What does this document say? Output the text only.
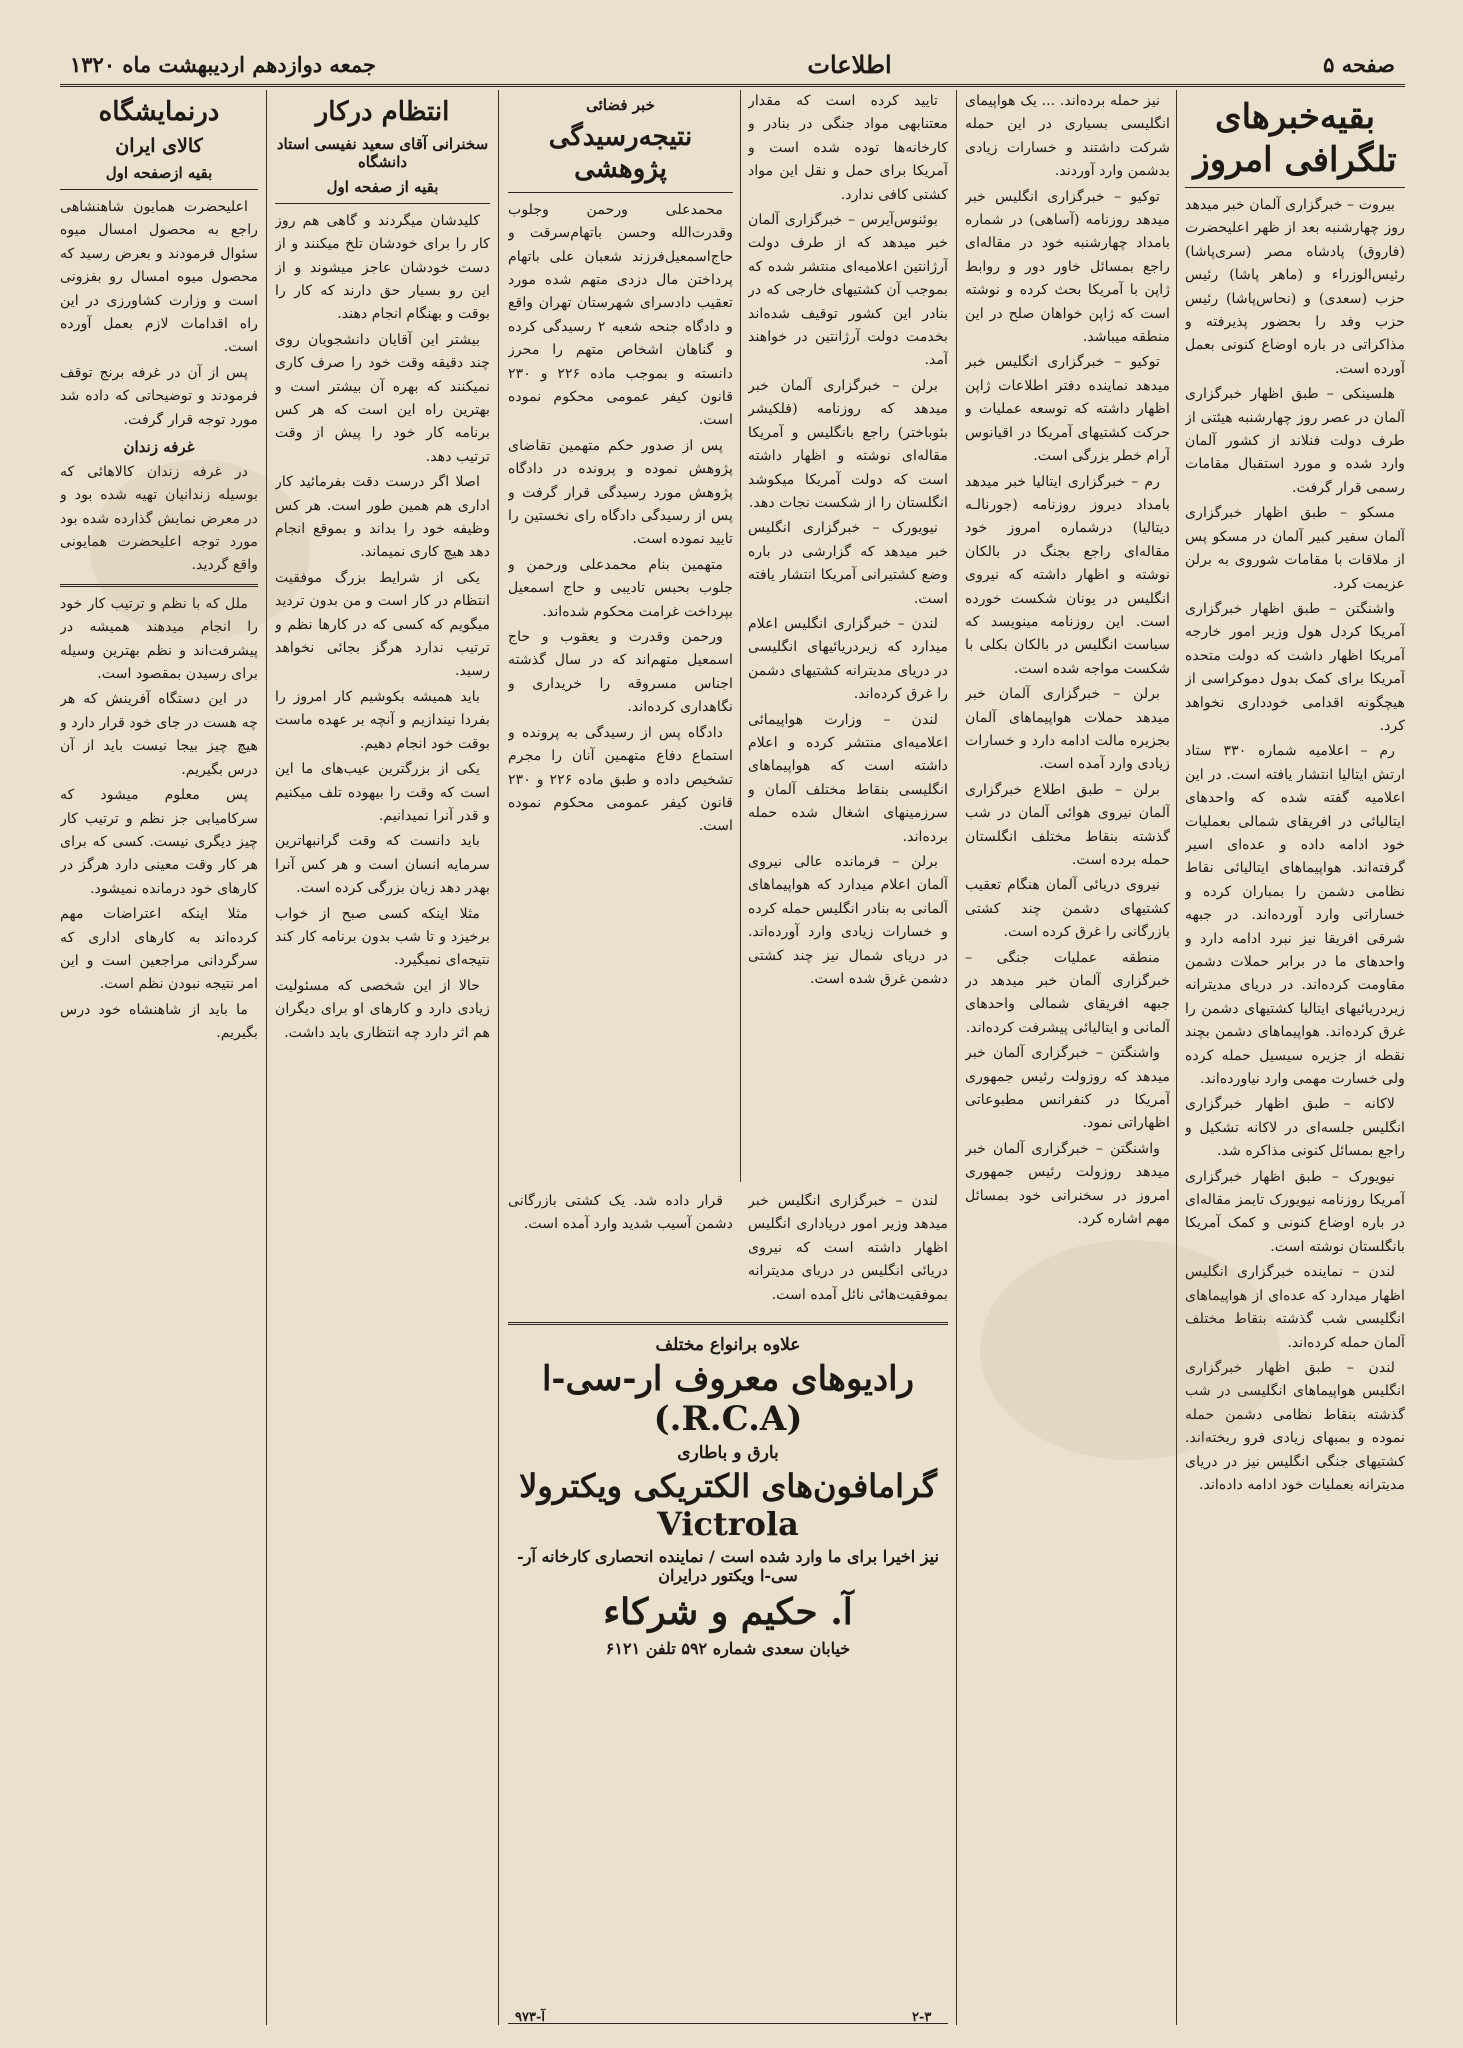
جمعه دوازدهم اردیبهشت ماه ۱۳۲۰	اطلاعات	صفحه ۵
بقیه‌خبرهای تلگرافی امروز

بیروت – خبرگزاری آلمان خبر میدهد روز چهارشنبه بعد از ظهر اعلیحضرت (فاروق) پادشاه مصر (سری‌پاشا) رئیس‌الوزراء و (ماهر پاشا) رئیس حزب (سعدی) و (نحاس‌پاشا) رئیس حزب وفد را بحضور پذیرفته و مذاکراتی در باره اوضاع کنونی بعمل آورده است.

هلسینکی – طبق اظهار خبرگزاری آلمان در عصر روز چهارشنبه هیئتی از طرف دولت فنلاند از کشور آلمان وارد شده و مورد استقبال مقامات رسمی قرار گرفت.

مسکو – طبق اظهار خبرگزاری آلمان سفیر کبیر آلمان در مسکو پس از ملاقات با مقامات شوروی به برلن عزیمت کرد.

واشنگتن – طبق اظهار خبرگزاری آمریکا کردل هول وزیر امور خارجه آمریکا اظهار داشت که دولت متحده آمریکا برای کمک بدول دموکراسی از هیچگونه اقدامی خودداری نخواهد کرد.

رم – اعلامیه شماره ۳۳۰ ستاد ارتش ایتالیا انتشار یافته است. در این اعلامیه گفته شده که واحدهای ایتالیائی در افریقای شمالی بعملیات خود ادامه داده و عده‌ای اسیر گرفته‌اند. هواپیماهای ایتالیائی نقاط نظامی دشمن را بمباران کرده و خساراتی وارد آورده‌اند. در جبهه شرقی افریقا نیز نبرد ادامه دارد و واحدهای ما در برابر حملات دشمن مقاومت کرده‌اند. در دریای مدیترانه زیردریائیهای ایتالیا کشتیهای دشمن را غرق کرده‌اند. هواپیماهای دشمن بچند نقطه از جزیره سیسیل حمله کرده ولی خسارت مهمی وارد نیاورده‌اند.

لاکانه – طبق اظهار خبرگزاری انگلیس جلسه‌ای در لاکانه تشکیل و راجع بمسائل کنونی مذاکره شد.

نیویورک – طبق اظهار خبرگزاری آمریکا روزنامه نیویورک تایمز مقاله‌ای در باره اوضاع کنونی و کمک آمریکا بانگلستان نوشته است.

لندن – نماینده خبرگزاری انگلیس اظهار میدارد که عده‌ای از هواپیماهای انگلیسی شب گذشته بنقاط مختلف آلمان حمله کرده‌اند.

لندن – طبق اظهار خبرگزاری انگلیس هواپیماهای انگلیسی در شب گذشته بنقاط نظامی دشمن حمله نموده و بمبهای زیادی فرو ریخته‌اند. کشتیهای جنگی انگلیس نیز در دریای مدیترانه بعملیات خود ادامه داده‌اند.

نیز حمله برده‌اند. ... یک هواپیمای انگلیسی بسیاری در این حمله شرکت داشتند و خسارات زیادی بدشمن وارد آوردند.

توکیو – خبرگزاری انگلیس خبر میدهد روزنامه (آساهی) در شماره بامداد چهارشنبه خود در مقاله‌ای راجع بمسائل خاور دور و روابط ژاپن با آمریکا بحث کرده و نوشته است که ژاپن خواهان صلح در این منطقه میباشد.

توکیو – خبرگزاری انگلیس خبر میدهد نماینده دفتر اطلاعات ژاپن اظهار داشته که توسعه عملیات و حرکت کشتیهای آمریکا در اقیانوس آرام خطر بزرگی است.

رم – خبرگزاری ایتالیا خبر میدهد بامداد دیروز روزنامه (جورنالـه دیتالیا) درشماره امروز خود مقاله‌ای راجع بجنگ در بالکان نوشته و اظهار داشته که نیروی انگلیس در یونان شکست خورده است. این روزنامه مینویسد که سیاست انگلیس در بالکان بکلی با شکست مواجه شده است.

برلن – خبرگزاری آلمان خبر میدهد حملات هواپیماهای آلمان بجزیره مالت ادامه دارد و خسارات زیادی وارد آمده است.

برلن – طبق اطلاع خبرگزاری آلمان نیروی هوائی آلمان در شب گذشته بنقاط مختلف انگلستان حمله برده است.

نیروی دریائی آلمان هنگام تعقیب کشتیهای دشمن چند کشتی بازرگانی را غرق کرده است.

منطقه عملیات جنگی – خبرگزاری آلمان خبر میدهد در جبهه افریقای شمالی واحدهای آلمانی و ایتالیائی پیشرفت کرده‌اند.

واشنگتن – خبرگزاری آلمان خبر میدهد که روزولت رئیس جمهوری آمریکا در کنفرانس مطبوعاتی اظهاراتی نمود.

واشنگتن – خبرگزاری آلمان خبر میدهد روزولت رئیس جمهوری امروز در سخنرانی خود بمسائل مهم اشاره کرد.

تایید کرده است که مقدار معتنابهی مواد جنگی در بنادر و کارخانه‌ها توده شده است و آمریکا برای حمل و نقل این مواد کشتی کافی ندارد.

بوئنوس‌آیرس – خبرگزاری آلمان خبر میدهد که از طرف دولت آرژانتین اعلامیه‌ای منتشر شده که بموجب آن کشتیهای خارجی که در بنادر این کشور توقیف شده‌اند بخدمت دولت آرژانتین در خواهند آمد.

برلن – خبرگزاری آلمان خبر میدهد که روزنامه (فلکیشر بئوباختر) راجع بانگلیس و آمریکا مقاله‌ای نوشته و اظهار داشته است که دولت آمریکا میکوشد انگلستان را از شکست نجات دهد.

نیویورک – خبرگزاری انگلیس خبر میدهد که گزارشی در باره وضع کشتیرانی آمریکا انتشار یافته است.

لندن – خبرگزاری انگلیس اعلام میدارد که زیردریائیهای انگلیسی در دریای مدیترانه کشتیهای دشمن را غرق کرده‌اند.

لندن – وزارت هواپیمائی اعلامیه‌ای منتشر کرده و اعلام داشته است که هواپیماهای انگلیسی بنقاط مختلف آلمان و سرزمینهای اشغال شده حمله برده‌اند.

برلن – فرمانده عالی نیروی آلمان اعلام میدارد که هواپیماهای آلمانی به بنادر انگلیس حمله کرده و خسارات زیادی وارد آورده‌اند. در دریای شمال نیز چند کشتی دشمن غرق شده است.

خبر فضائی
نتیجه‌رسیدگی پژوهشی

محمدعلی ورحمن وجلوب وقدرت‌الله وحسن باتهام‌سرقت و حاج‌اسمعیل‌فرزند شعبان علی باتهام پرداختن مال دزدی متهم شده مورد تعقیب دادسرای شهرستان تهران واقع و دادگاه جنحه شعبه ۲ رسیدگی کرده و گناهان اشخاص متهم را محرز دانسته و بموجب ماده ۲۲۶ و ۲۳۰ قانون کیفر عمومی محکوم نموده است.

پس از صدور حکم متهمین تقاضای پژوهش نموده و پرونده در دادگاه پژوهش مورد رسیدگی قرار گرفت و پس از رسیدگی دادگاه رای نخستین را تایید نموده است.

متهمین بنام محمدعلی ورحمن و جلوب بحبس تادیبی و حاج اسمعیل بپرداخت غرامت محکوم شده‌اند.

ورحمن وقدرت و یعقوب و حاج اسمعیل متهم‌اند که در سال گذشته اجناس مسروقه را خریداری و نگاهداری کرده‌اند.

دادگاه پس از رسیدگی به پرونده و استماع دفاع متهمین آنان را مجرم تشخیص داده و طبق ماده ۲۲۶ و ۲۳۰ قانون کیفر عمومی محکوم نموده است.

لندن – خبرگزاری انگلیس خبر میدهد وزیر امور دریاداری انگلیس اظهار داشته است که نیروی دریائی انگلیس در دریای مدیترانه بموفقیت‌هائی نائل آمده است.

قرار داده شد. یک کشتی بازرگانی دشمن آسیب شدید وارد آمده است.

علاوه برانواع مختلف
رادیوهای معروف ار-سی-ا (R.C.A.)
بارق و باطاری
گرامافون‌های الکتریکی ویکترولا Victrola
نیز اخیرا برای ما وارد شده است / نماینده انحصاری کارخانه آر-سی-ا ویکتور درایران
آ. حکیم و شرکاء
خیابان سعدی شماره ۵۹۲ تلفن ۶۱۲۱
آ-۹۷۳	۲-۳
انتظام درکار
سخنرانی آقای سعید نفیسی استاد دانشگاه
بقیه از صفحه اول

کلیدشان میگردند و گاهی هم روز کار را برای خودشان تلخ میکنند و از دست خودشان عاجز میشوند و از این رو بسیار حق دارند که کار را بوقت و بهنگام انجام دهند.

بیشتر این آقایان دانشجویان روی چند دقیقه وقت خود را صرف کاری نمیکنند که بهره آن بیشتر است و بهترین راه این است که هر کس برنامه کار خود را پیش از وقت ترتیب دهد.

اصلا اگر درست دقت بفرمائید کار اداری هم همین طور است. هر کس وظیفه خود را بداند و بموقع انجام دهد هیچ کاری نمیماند.

یکی از شرایط بزرگ موفقیت انتظام در کار است و من بدون تردید میگویم که کسی که در کارها نظم و ترتیب ندارد هرگز بجائی نخواهد رسید.

باید همیشه بکوشیم کار امروز را بفردا نیندازیم و آنچه بر عهده ماست بوقت خود انجام دهیم.

یکی از بزرگترین عیب‌های ما این است که وقت را بیهوده تلف میکنیم و قدر آنرا نمیدانیم.

باید دانست که وقت گرانبهاترین سرمایه انسان است و هر کس آنرا بهدر دهد زیان بزرگی کرده است.

مثلا اینکه کسی صبح از خواب برخیزد و تا شب بدون برنامه کار کند نتیجه‌ای نمیگیرد.

حالا از این شخصی که مسئولیت زیادی دارد و کارهای او برای دیگران هم اثر دارد چه انتظاری باید داشت.

درنمایشگاه
کالای ایران
بقیه ازصفحه اول

اعلیحضرت همایون شاهنشاهی راجع به محصول امسال میوه سئوال فرمودند و بعرض رسید که محصول میوه امسال رو بفزونی است و وزارت کشاورزی در این راه اقدامات لازم بعمل آورده است.

پس از آن در غرفه برنج توقف فرمودند و توضیحاتی که داده شد مورد توجه قرار گرفت.

غرفه زندان

در غرفه زندان کالاهائی که بوسیله زندانیان تهیه شده بود و در معرض نمایش گذارده شده بود مورد توجه اعلیحضرت همایونی واقع گردید.

ملل که با نظم و ترتیب کار خود را انجام میدهند همیشه در پیشرفت‌اند و نظم بهترین وسیله برای رسیدن بمقصود است.

در این دستگاه آفرینش که هر چه هست در جای خود قرار دارد و هیچ چیز بیجا نیست باید از آن درس بگیریم.

پس معلوم میشود که سرکامیابی جز نظم و ترتیب کار چیز دیگری نیست. کسی که برای هر کار وقت معینی دارد هرگز در کارهای خود درمانده نمیشود.

مثلا اینکه اعتراضات مهم کرده‌اند به کارهای اداری که سرگردانی مراجعین است و این امر نتیجه نبودن نظم است.

ما باید از شاهنشاه خود درس بگیریم.
